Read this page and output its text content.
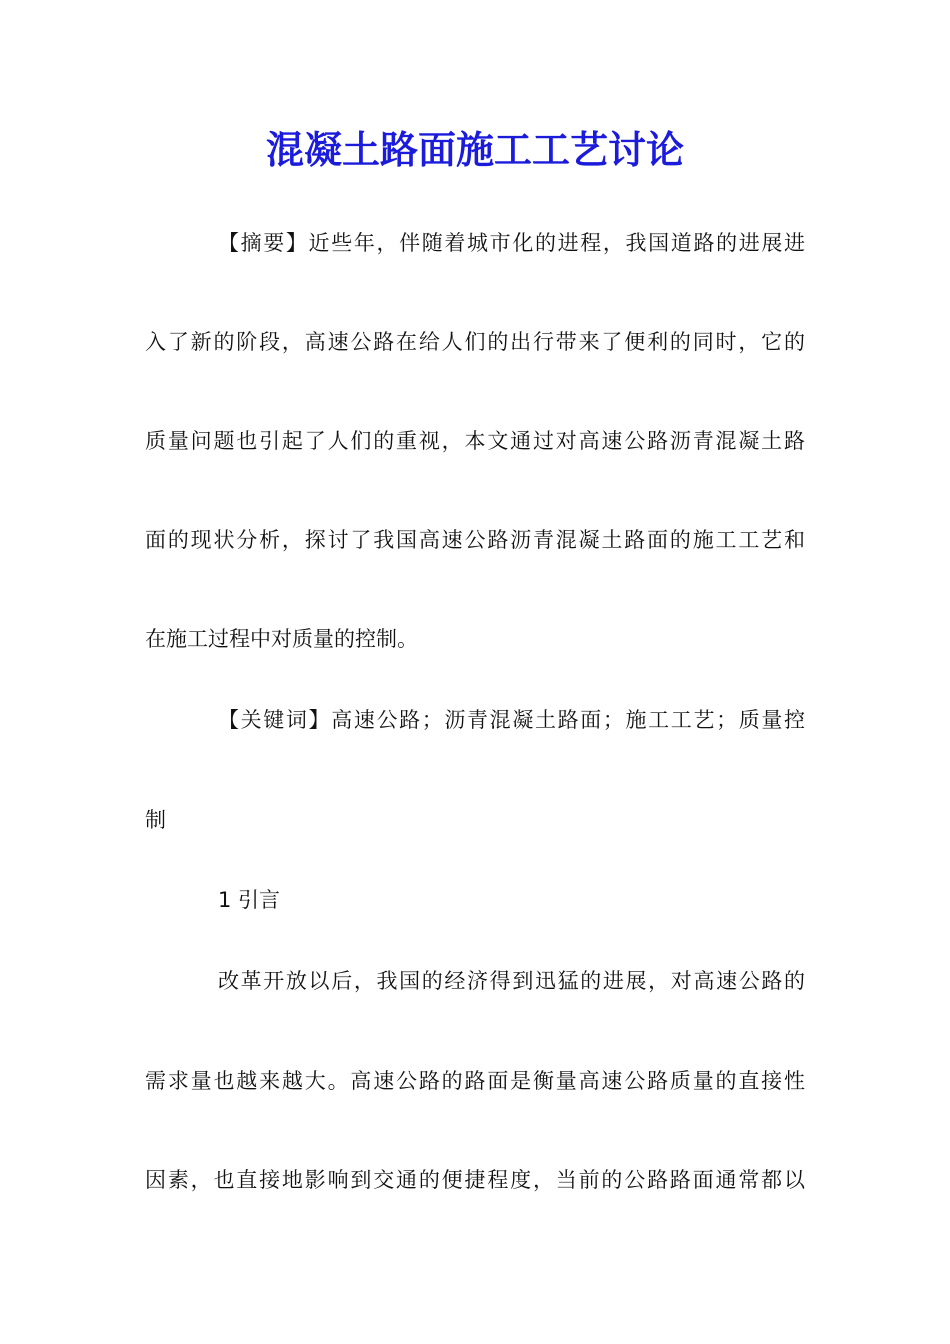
混凝土路面施工工艺讨论
【摘要】近些年，伴随着城市化的进程，我国道路的进展进
入了新的阶段，高速公路在给人们的出行带来了便利的同时，它的
质量问题也引起了人们的重视，本文通过对高速公路沥青混凝土路
面的现状分析，探讨了我国高速公路沥青混凝土路面的施工工艺和
在施工过程中对质量的控制。
【关键词】高速公路；沥青混凝土路面；施工工艺；质量控
制
1 引言
改革开放以后，我国的经济得到迅猛的进展，对高速公路的
需求量也越来越大。高速公路的路面是衡量高速公路质量的直接性
因素，也直接地影响到交通的便捷程度，当前的公路路面通常都以
